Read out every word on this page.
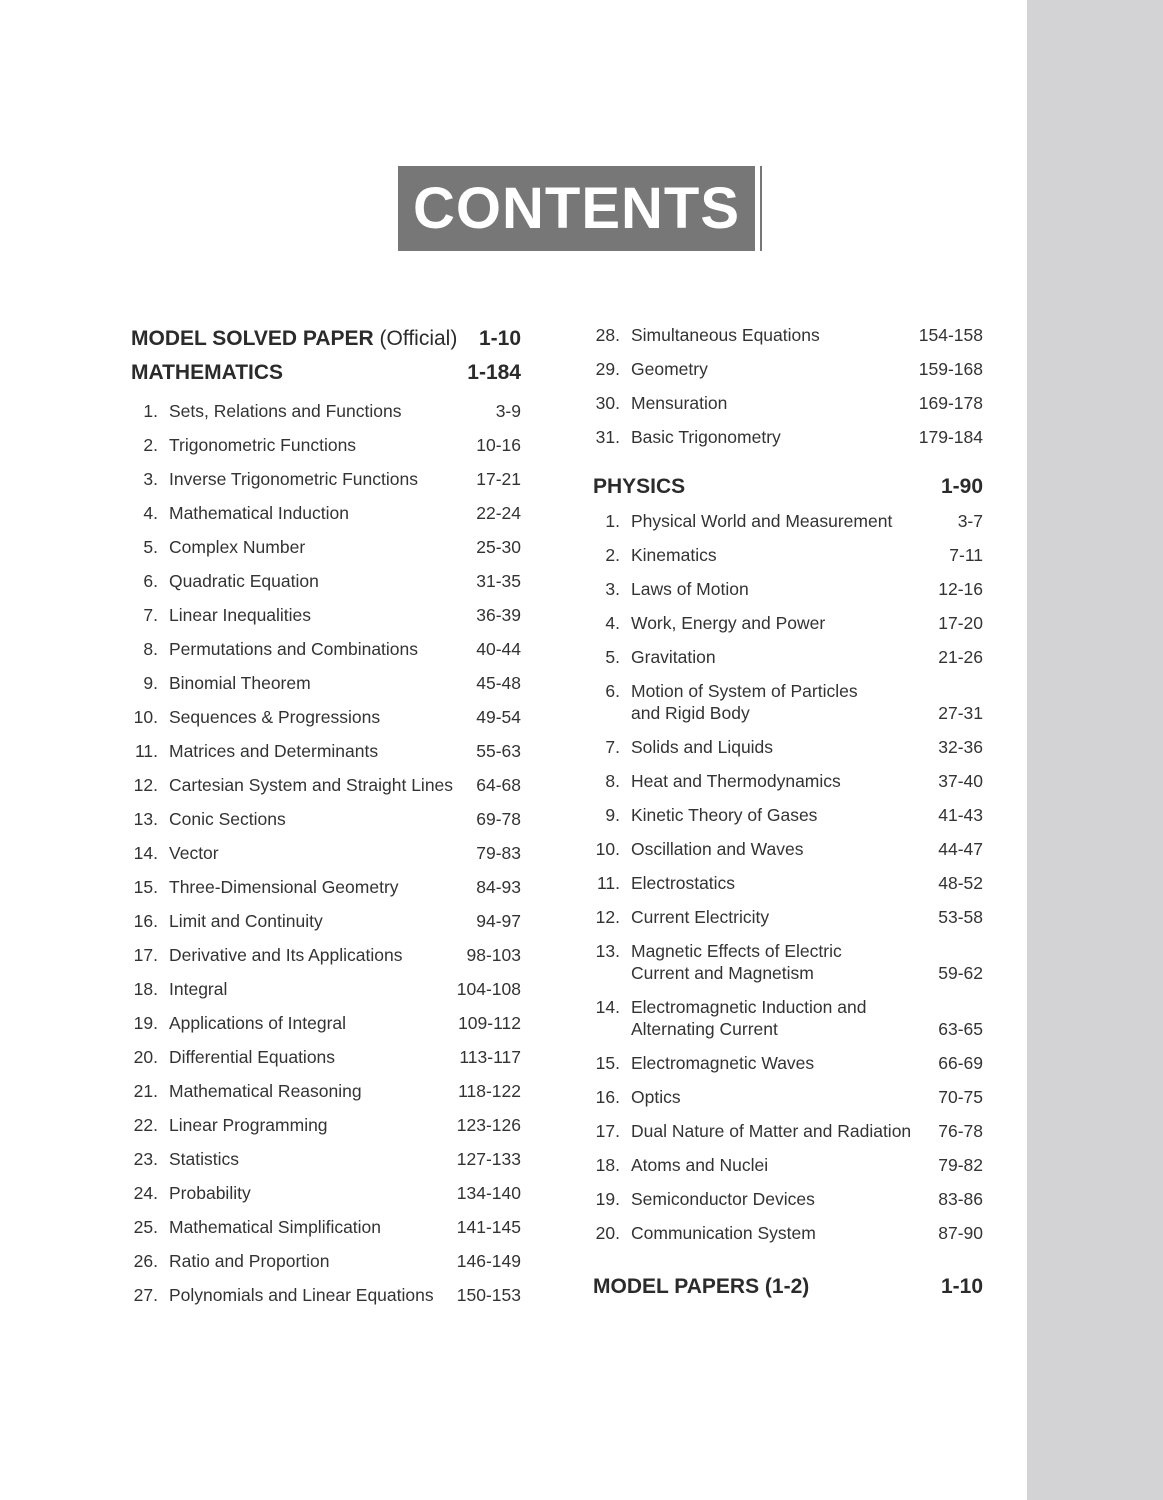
CONTENTS
MODEL SOLVED PAPER (Official) 1-10
MATHEMATICS	1-184
1. Sets, Relations and Functions	3-9
2. Trigonometric Functions	10-16
3. Inverse Trigonometric Functions	17-21
4. Mathematical Induction	22-24
5. Complex Number	25-30
6. Quadratic Equation	31-35
7. Linear Inequalities	36-39
8. Permutations and Combinations	40-44
9. Binomial Theorem	45-48
10. Sequences & Progressions	49-54
11. Matrices and Determinants	55-63
12. Cartesian System and Straight Lines	64-68
13. Conic Sections	69-78
14. Vector	79-83
15. Three-Dimensional Geometry	84-93
16. Limit and Continuity	94-97
17. Derivative and Its Applications	98-103
18. Integral	104-108
19. Applications of Integral	109-112
20. Differential Equations	113-117
21. Mathematical Reasoning	118-122
22. Linear Programming	123-126
23. Statistics	127-133
24. Probability	134-140
25. Mathematical Simplification	141-145
26. Ratio and Proportion	146-149
27. Polynomials and Linear Equations	150-153
28. Simultaneous Equations	154-158
29. Geometry	159-168
30. Mensuration	169-178
31. Basic Trigonometry	179-184
PHYSICS	1-90
1. Physical World and Measurement	3-7
2. Kinematics	7-11
3. Laws of Motion	12-16
4. Work, Energy and Power	17-20
5. Gravitation	21-26
6. Motion of System of Particles
and Rigid Body	27-31
7. Solids and Liquids	32-36
8. Heat and Thermodynamics	37-40
9. Kinetic Theory of Gases	41-43
10. Oscillation and Waves	44-47
11. Electrostatics	48-52
12. Current Electricity	53-58
13. Magnetic Effects of Electric
Current and Magnetism	59-62
14. Electromagnetic Induction and
Alternating Current	63-65
15. Electromagnetic Waves	66-69
16. Optics	70-75
17. Dual Nature of Matter and Radiation	76-78
18. Atoms and Nuclei	79-82
19. Semiconductor Devices	83-86
20. Communication System	87-90
MODEL PAPERS (1-2)	1-10
